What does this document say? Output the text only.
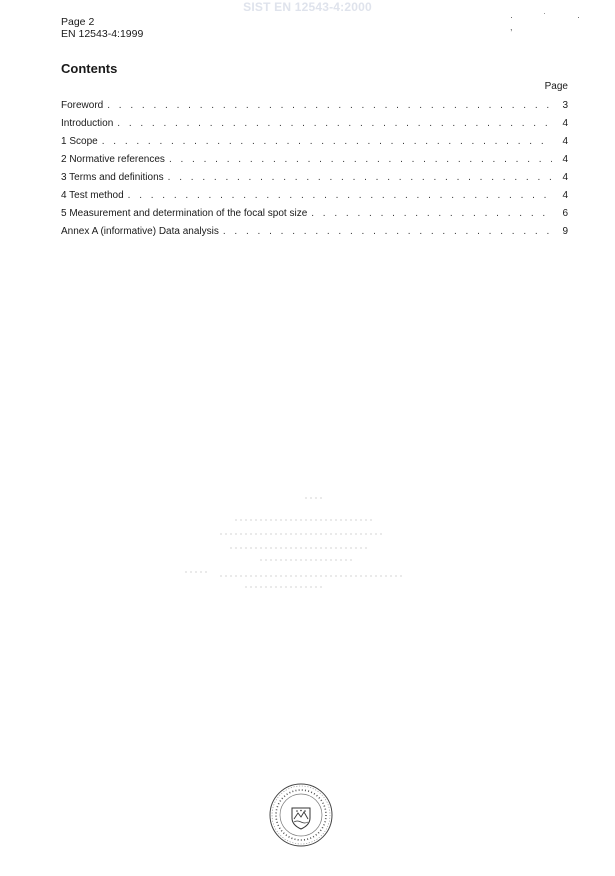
SIST EN 12543-4:2000
Page 2
EN 12543-4:1999
· ˙ · ,
Contents
Page
Foreword . . .	3
Introduction . . .	4
1 Scope . . .	4
2 Normative references . . .	4
3 Terms and definitions . . .	4
4 Test method . . .	4
5 Measurement and determination of the focal spot size . . .	6
Annex A (informative) Data analysis . . .	9
